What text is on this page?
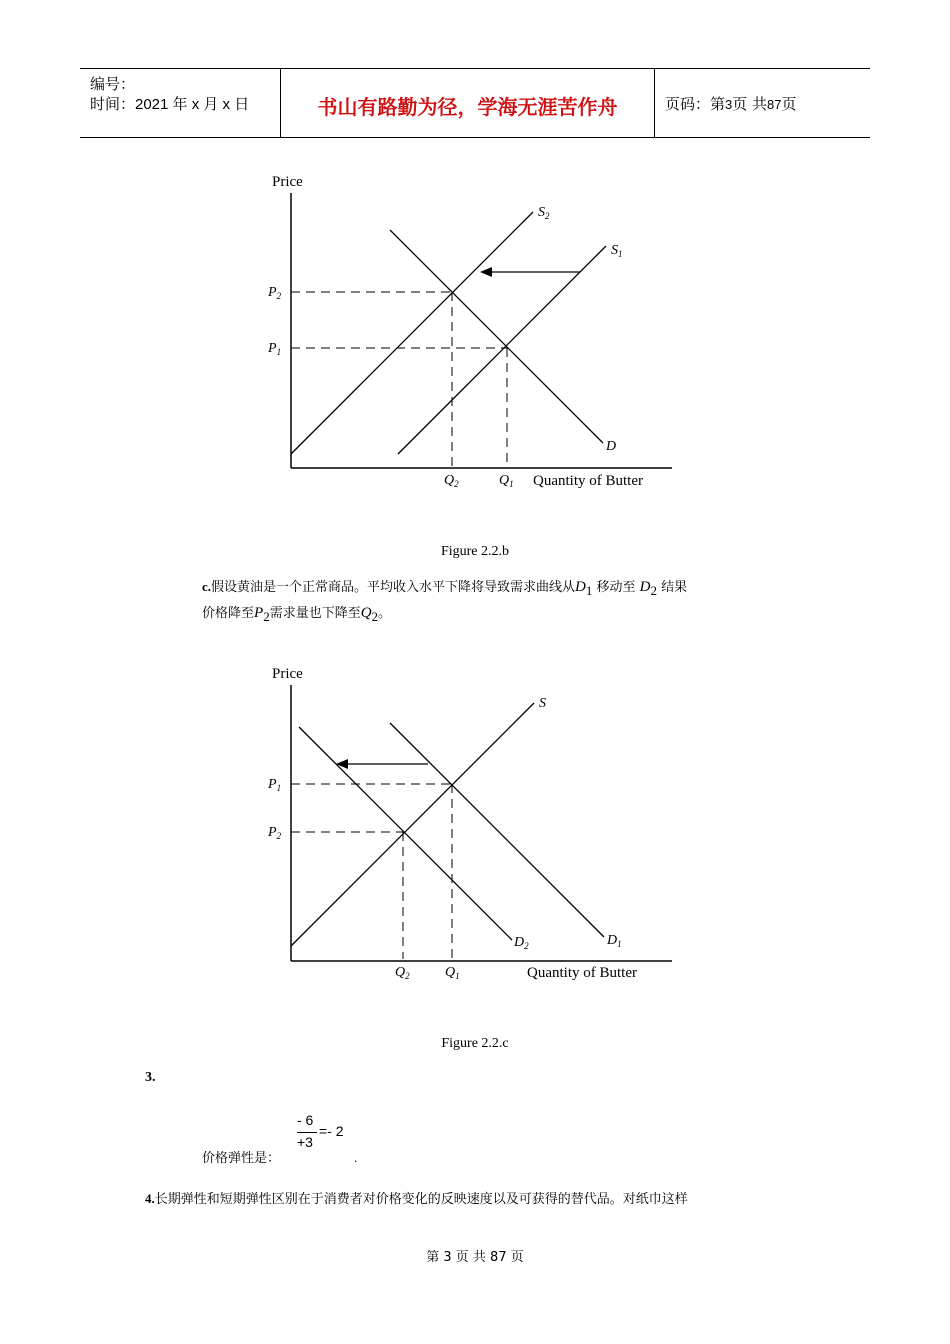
编号：
时间：2021 年 x 月 x 日	书山有路勤为径，学海无涯苦作舟	页码：第3页 共87页
Price
Quantity of Butter
$S_2$
$S_1$
D
$P_2$
$P_1$
$Q_2$	$Q_1$
Figure 2.2.b
c.假设黄油是一个正常商品。平均收入水平下降将导致需求曲线从$D_1$ 移动至 $D_2$ 结果
价格降至$P_2$需求量也下降至$Q_2$。
Price
Quantity of Butter
S
$D_1$
$D_2$
$P_1$
$P_2$
$Q_2$	$Q_1$
Figure 2.2.c
3.
- 6
+3
=- 2
价格弹性是：	.
4.长期弹性和短期弹性区别在于消费者对价格变化的反映速度以及可获得的替代品。对纸巾这样
第 3 页 共 87 页
